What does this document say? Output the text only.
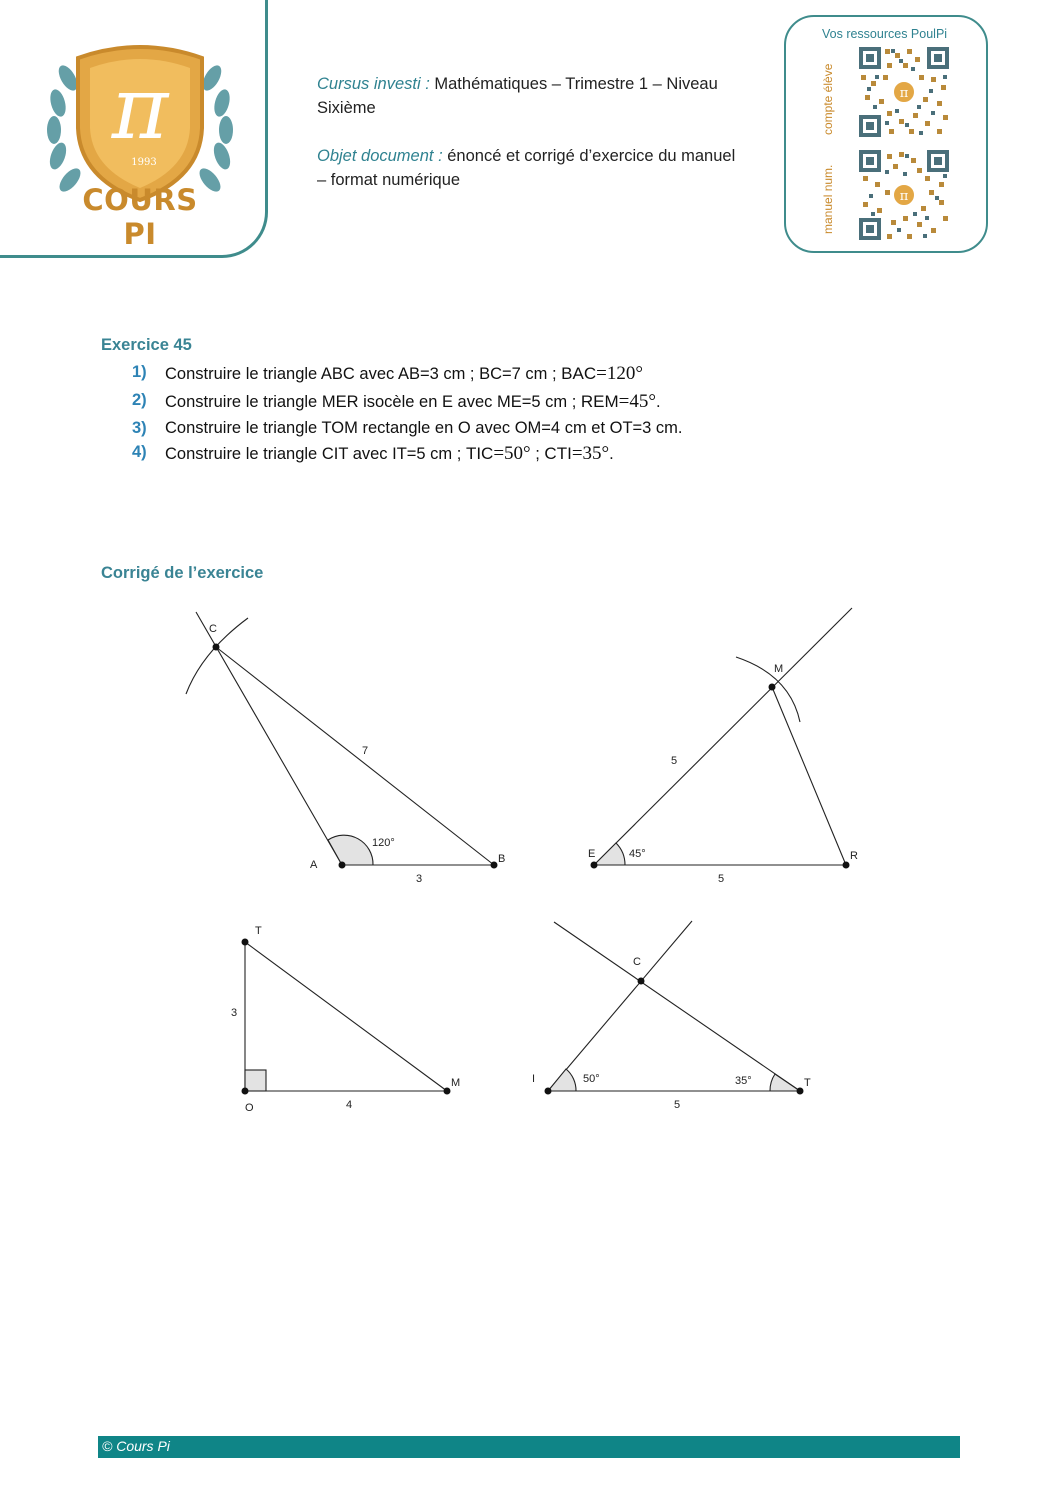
π
1993
COURS PI

Cursus investi : Mathématiques – Trimestre 1 – Niveau Sixième

Objet document : énoncé et corrigé d’exercice du manuel – format numérique

Vos ressources PoulPi
compte élève
manuel num.
π
π
Exercice 45
1) Construire le triangle ABC avec AB=3 cm ; BC=7 cm ; BAC=120°
2) Construire le triangle MER isocèle en E avec ME=5 cm ; REM=45°.
3) Construire le triangle TOM rectangle en O avec OM=4 cm et OT=3 cm.
4) Construire le triangle CIT avec IT=5 cm ; TIC=50° ; CTI=35°.
Corrigé de l’exercice
C
A	B
7
3
120°
E
M
R
5
5
45°
T
O
M
3
4
I
C
T
5
50°	35°
© Cours Pi
